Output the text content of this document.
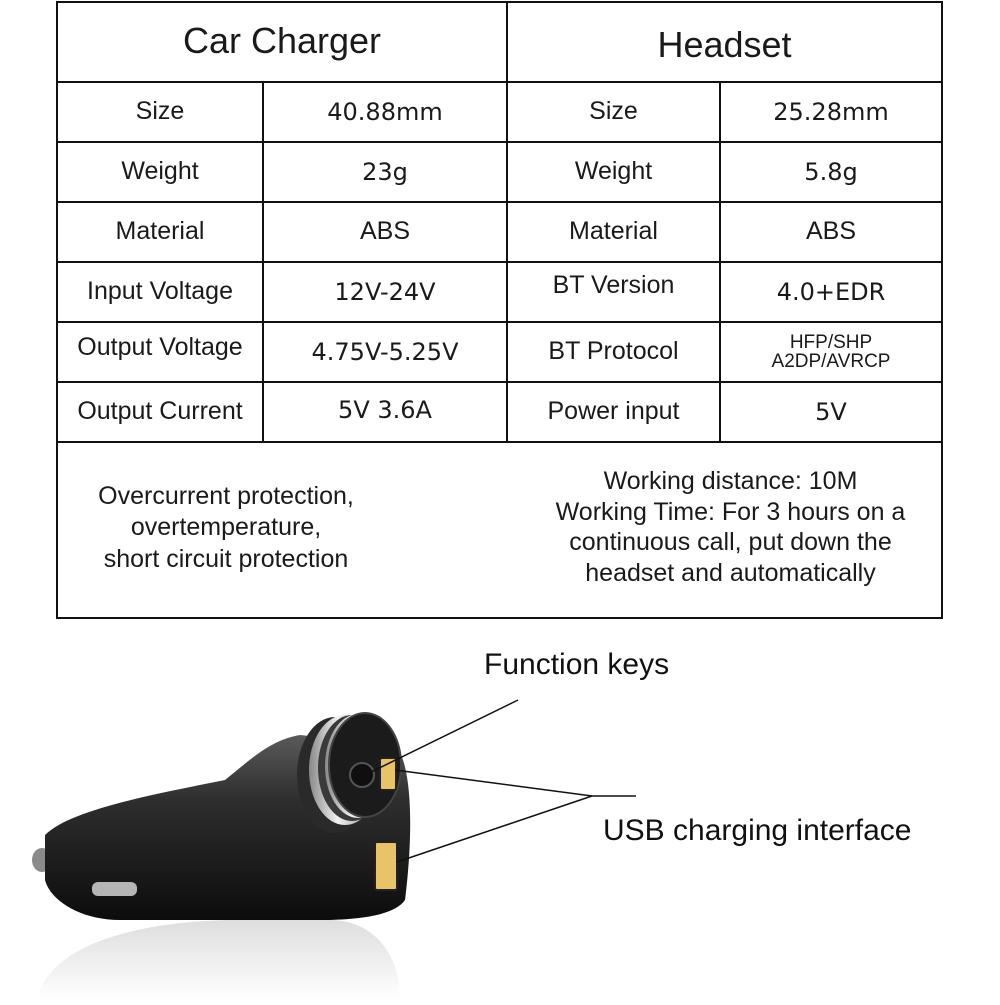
Car Charger	Headset
Size	40.88mm	Size	25.28mm
Weight	23g	Weight	5.8g
Material	ABS	Material	ABS
Input Voltage	12V-24V	BT Version	4.0+EDR
Output Voltage	4.75V-5.25V	BT Protocol	HFP/SHP
A2DP/AVRCP
Output Current	5V 3.6A	Power input	5V
Overcurrent protection,
overtemperature,
short circuit protection
Working distance: 10M
Working Time: For 3 hours on a
continuous call, put down the
headset and automatically
Function keys
USB charging interface
